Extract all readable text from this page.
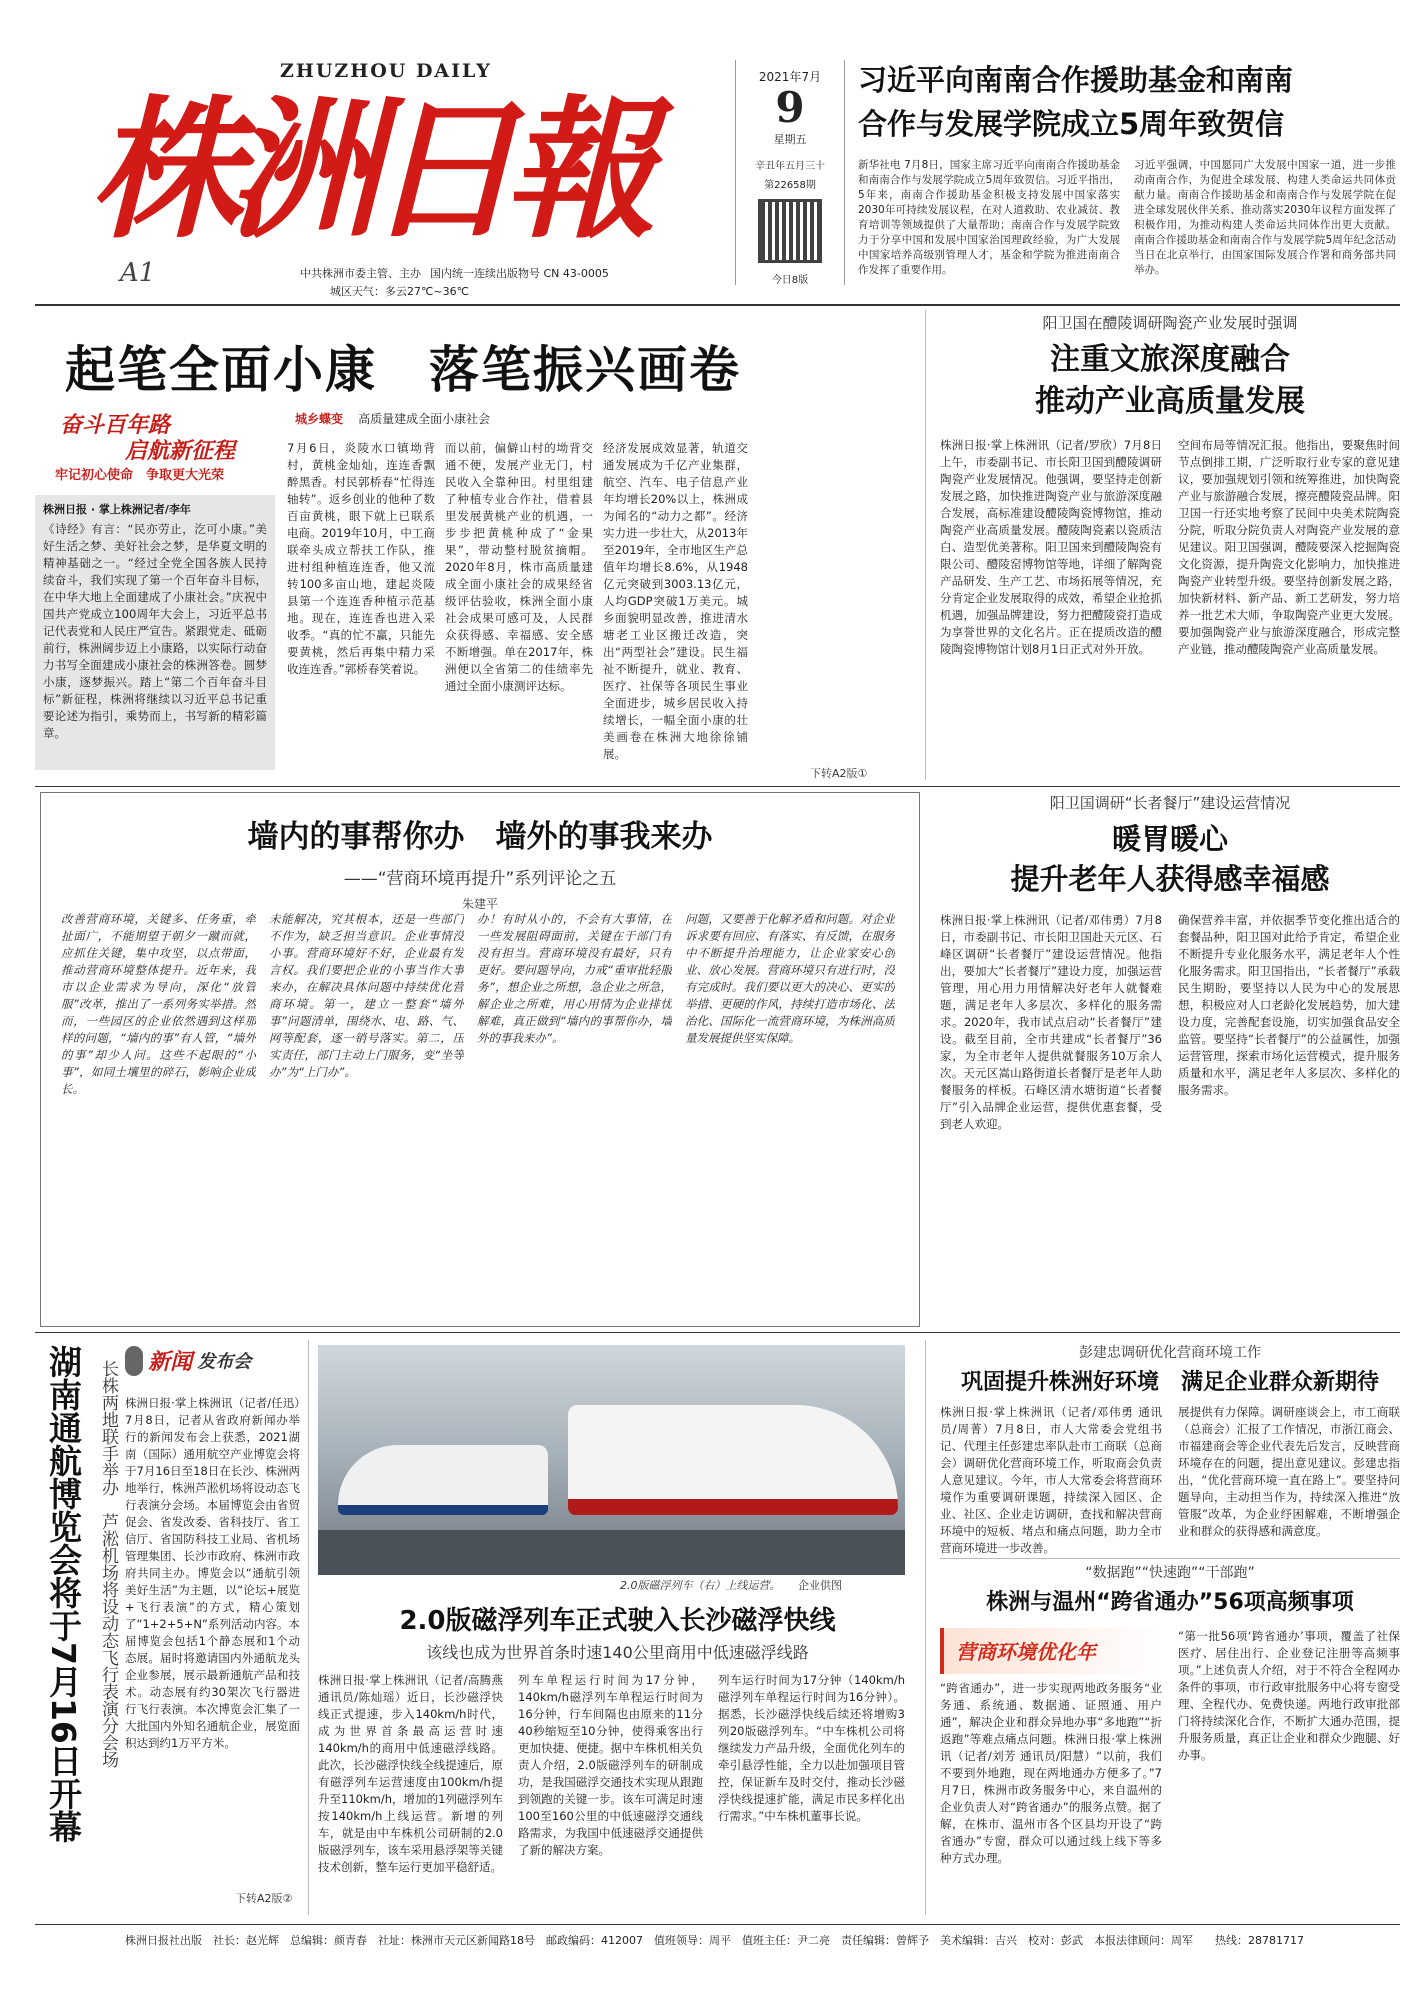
ZHUZHOU DAILY
株洲日報
A1	中共株洲市委主管、主办 国内统一连续出版物号 CN 43-0005
城区天气：多云27℃~36℃
2021年7月
9
星期五
辛丑年五月三十
第22658期
今日8版
习近平向南南合作援助基金和南南
合作与发展学院成立5周年致贺信
新华社电 7月8日，国家主席习近平向南南合作援助基金和南南合作与发展学院成立5周年致贺信。习近平指出，5年来，南南合作援助基金积极支持发展中国家落实2030年可持续发展议程，在对人道救助、农业减贫、教育培训等领域提供了大量帮助；南南合作与发展学院致力于分享中国和发展中国家治国理政经验，为广大发展中国家培养高级别管理人才，基金和学院为推进南南合作发挥了重要作用。
习近平强调，中国愿同广大发展中国家一道，进一步推动南南合作，为促进全球发展、构建人类命运共同体贡献力量。南南合作援助基金和南南合作与发展学院在促进全球发展伙伴关系、推动落实2030年议程方面发挥了积极作用，为推动构建人类命运共同体作出更大贡献。南南合作援助基金和南南合作与发展学院5周年纪念活动当日在北京举行，由国家国际发展合作署和商务部共同举办。
起笔全面小康　落笔振兴画卷
奋斗百年路
启航新征程
牢记初心使命　争取更大光荣
城乡蝶变 高质量建成全面小康社会
株洲日报 · 掌上株洲记者/李年
《诗经》有言：“民亦劳止，汔可小康。”美好生活之梦、美好社会之梦，是华夏文明的精神基础之一。“经过全党全国各族人民持续奋斗，我们实现了第一个百年奋斗目标，在中华大地上全面建成了小康社会。”庆祝中国共产党成立100周年大会上，习近平总书记代表党和人民庄严宣告。紧跟党走、砥砺前行，株洲阔步迈上小康路，以实际行动奋力书写全面建成小康社会的株洲答卷。圆梦小康，逐梦振兴。踏上“第二个百年奋斗目标”新征程，株洲将继续以习近平总书记重要论述为指引，乘势而上，书写新的精彩篇章。
7月6日，炎陵水口镇坳背村，黄桃金灿灿，连连香飘醉黑香。村民郭桥春“忙得连轴转”。返乡创业的他种了数百亩黄桃，眼下就上已联系电商。2019年10月，中工商联牵头成立帮扶工作队，推进村组种植连连香，他又流转100多亩山地，建起炎陵县第一个连连香种植示范基地。现在，连连香也进入采收季。“真的忙不赢，只能先要黄桃，然后再集中精力采收连连香。”郭桥春笑着说。
而以前，偏僻山村的坳背交通不便，发展产业无门，村民收入全靠种田。村里组建了种植专业合作社，借着县里发展黄桃产业的机遇，一步步把黄桃种成了“金果果”，带动整村脱贫摘帽。2020年8月，株市高质量建成全面小康社会的成果经省级评估验收，株洲全面小康社会成果可感可及，人民群众获得感、幸福感、安全感不断增强。单在2017年，株洲便以全省第二的佳绩率先通过全面小康测评达标。
经济发展成效显著，轨道交通发展成为千亿产业集群，航空、汽车、电子信息产业年均增长20%以上，株洲成为闻名的“动力之都”。经济实力进一步壮大，从2013年至2019年，全市地区生产总值年均增长8.6%，从1948亿元突破到3003.13亿元，人均GDP突破1万美元。城乡面貌明显改善，推进清水塘老工业区搬迁改造，突出“两型社会”建设。民生福祉不断提升，就业、教育、医疗、社保等各项民生事业全面进步，城乡居民收入持续增长，一幅全面小康的壮美画卷在株洲大地徐徐铺展。
下转A2版①
阳卫国在醴陵调研陶瓷产业发展时强调
注重文旅深度融合
推动产业高质量发展
株洲日报·掌上株洲讯（记者/罗欣）7月8日上午，市委副书记、市长阳卫国到醴陵调研陶瓷产业发展情况。他强调，要坚持走创新发展之路，加快推进陶瓷产业与旅游深度融合发展，高标准建设醴陵陶瓷博物馆，推动陶瓷产业高质量发展。醴陵陶瓷素以瓷质洁白、造型优美著称。阳卫国来到醴陵陶瓷有限公司、醴陵窑博物馆等地，详细了解陶瓷产品研发、生产工艺、市场拓展等情况，充分肯定企业发展取得的成效，希望企业抢抓机遇，加强品牌建设，努力把醴陵瓷打造成为享誉世界的文化名片。正在提质改造的醴陵陶瓷博物馆计划8月1日正式对外开放。
空间布局等情况汇报。他指出，要聚焦时间节点倒排工期，广泛听取行业专家的意见建议，要加强规划引领和统筹推进，加快陶瓷产业与旅游融合发展，擦亮醴陵瓷品牌。阳卫国一行还实地考察了民间中央美术院陶瓷分院，听取分院负责人对陶瓷产业发展的意见建议。阳卫国强调，醴陵要深入挖掘陶瓷文化资源，提升陶瓷文化影响力，加快推进陶瓷产业转型升级。要坚持创新发展之路，加快新材料、新产品、新工艺研发，努力培养一批艺术大师，争取陶瓷产业更大发展。要加强陶瓷产业与旅游深度融合，形成完整产业链，推动醴陵陶瓷产业高质量发展。
墙内的事帮你办　墙外的事我来办
——“营商环境再提升”系列评论之五
朱建平
改善营商环境，关键多、任务重，牵扯面广，不能期望于朝夕一蹴而就，应抓住关键，集中攻坚，以点带面，推动营商环境整体提升。近年来，我市以企业需求为导向，深化“放管服”改革，推出了一系列务实举措。然而，一些园区的企业依然遇到这样那样的问题，“墙内的事”有人管，“墙外的事”却少人问。这些不起眼的“小事”，如同土壤里的碎石，影响企业成长。
未能解决，究其根本，还是一些部门不作为，缺乏担当意识。企业事情没小事。营商环境好不好，企业最有发言权。我们要把企业的小事当作大事来办，在解决具体问题中持续优化营商环境。第一，建立一整套“墙外事”问题清单，围绕水、电、路、气、网等配套，逐一销号落实。第二，压实责任，部门主动上门服务，变“坐等办”为“上门办”。
办！有时从小的，不会有大事情，在一些发展阻碍面前，关键在于部门有没有担当。营商环境没有最好，只有更好。要问题导向，力戒“重审批轻服务”，想企业之所想，急企业之所急，解企业之所难，用心用情为企业排忧解难，真正做到“墙内的事帮你办，墙外的事我来办”。
问题，又要善于化解矛盾和问题。对企业诉求要有回应、有落实、有反馈，在服务中不断提升治理能力，让企业家安心创业、放心发展。营商环境只有进行时，没有完成时。我们要以更大的决心、更实的举措、更硬的作风，持续打造市场化、法治化、国际化一流营商环境，为株洲高质量发展提供坚实保障。
阳卫国调研“长者餐厅”建设运营情况
暖胃暖心
提升老年人获得感幸福感
株洲日报·掌上株洲讯（记者/邓伟勇）7月8日，市委副书记、市长阳卫国赴天元区、石峰区调研“长者餐厅”建设运营情况。他指出，要加大“长者餐厅”建设力度，加强运营管理，用心用力用情解决好老年人就餐难题，满足老年人多层次、多样化的服务需求。2020年，我市试点启动“长者餐厅”建设。截至目前，全市共建成“长者餐厅”36家，为全市老年人提供就餐服务10万余人次。天元区嵩山路街道长者餐厅是老年人助餐服务的样板。石峰区清水塘街道“长者餐厅”引入品牌企业运营，提供优惠套餐，受到老人欢迎。
确保营养丰富，并依据季节变化推出适合的套餐品种，阳卫国对此给予肯定，希望企业不断提升专业化服务水平，满足老年人个性化服务需求。阳卫国指出，“长者餐厅”承载民生期盼，要坚持以人民为中心的发展思想，积极应对人口老龄化发展趋势，加大建设力度，完善配套设施，切实加强食品安全监管。要坚持“长者餐厅”的公益属性，加强运营管理，探索市场化运营模式，提升服务质量和水平，满足老年人多层次、多样化的服务需求。
湖南通航博览会将于7月16日开幕 长株两地联手举办　芦淞机场将设动态飞行表演分会场	新闻 发布会
株洲日报·掌上株洲讯（记者/任迅）7月8日，记者从省政府新闻办举行的新闻发布会上获悉，2021湖南（国际）通用航空产业博览会将于7月16日至18日在长沙、株洲两地举行，株洲芦淞机场将设动态飞行表演分会场。本届博览会由省贸促会、省发改委、省科技厅、省工信厅、省国防科技工业局、省机场管理集团、长沙市政府、株洲市政府共同主办。博览会以“通航引领美好生活”为主题，以“论坛+展览+飞行表演”的方式，精心策划了“1+2+5+N”系列活动内容。本届博览会包括1个静态展和1个动态展。届时将邀请国内外通航龙头企业参展，展示最新通航产品和技术。动态展有约30架次飞行器进行飞行表演。本次博览会汇集了一大批国内外知名通航企业，展览面积达到约1万平方米。
下转A2版②
2.0版磁浮列车（右）上线运营。 企业供图
2.0版磁浮列车正式驶入长沙磁浮快线
该线也成为世界首条时速140公里商用中低速磁浮线路
株洲日报·掌上株洲讯（记者/高腾燕 通讯员/陈灿瑶）近日，长沙磁浮快线正式提速，步入140km/h时代，成为世界首条最高运营时速140km/h的商用中低速磁浮线路。此次，长沙磁浮快线全线提速后，原有磁浮列车运营速度由100km/h提升至110km/h，增加的1列磁浮列车按140km/h上线运营。新增的列车，就是由中车株机公司研制的2.0版磁浮列车，该车采用悬浮架等关键技术创新，整车运行更加平稳舒适。
列车单程运行时间为17分钟，140km/h磁浮列车单程运行时间为16分钟，行车间隔也由原来的11分40秒缩短至10分钟，使得乘客出行更加快捷、便捷。据中车株机相关负责人介绍，2.0版磁浮列车的研制成功，是我国磁浮交通技术实现从跟跑到领跑的关键一步。该车可满足时速100至160公里的中低速磁浮交通线路需求，为我国中低速磁浮交通提供了新的解决方案。
列车运行时间为17分钟（140km/h磁浮列车单程运行时间为16分钟）。据悉，长沙磁浮快线后续还将增购3列20版磁浮列车。“中车株机公司将继续发力产品升级，全面优化列车的牵引悬浮性能，全力以赴加强项目管控，保证新车及时交付，推动长沙磁浮快线提速扩能，满足市民多样化出行需求。”中车株机董事长说。
彭建忠调研优化营商环境工作
巩固提升株洲好环境　满足企业群众新期待
株洲日报·掌上株洲讯（记者/邓伟勇 通讯员/周菁）7月8日，市人大常委会党组书记、代理主任彭建忠率队赴市工商联（总商会）调研优化营商环境工作，听取商会负责人意见建议。今年，市人大常委会将营商环境作为重要调研课题，持续深入园区、企业、社区、企业走访调研，查找和解决营商环境中的短板、堵点和痛点问题，助力全市营商环境进一步改善。
展提供有力保障。调研座谈会上，市工商联（总商会）汇报了工作情况，市浙江商会、市福建商会等企业代表先后发言，反映营商环境存在的问题，提出意见建议。彭建忠指出，“优化营商环境一直在路上”。要坚持问题导向，主动担当作为，持续深入推进“放管服”改革，为企业纾困解难，不断增强企业和群众的获得感和满意度。
“数据跑”“快速跑”“干部跑”
株洲与温州“跨省通办”56项高频事项
营商环境优化年
“跨省通办”，进一步实现两地政务服务“业务通、系统通、数据通、证照通、用户通”，解决企业和群众异地办事“多地跑”“折返跑”等难点痛点问题。株洲日报·掌上株洲讯（记者/刘芳 通讯员/阳慧）“以前，我们不要到外地跑，现在两地通办方便多了。”7月7日，株洲市政务服务中心，来自温州的企业负责人对“跨省通办”的服务点赞。据了解，在株市、温州市各个区县均开设了“跨省通办”专窗，群众可以通过线上线下等多种方式办理。
“第一批56项‘跨省通办’事项，覆盖了社保医疗、居住出行、企业登记注册等高频事项。”上述负责人介绍，对于不符合全程网办条件的事项，市行政审批服务中心将专窗受理、全程代办、免费快递。两地行政审批部门将持续深化合作，不断扩大通办范围，提升服务质量，真正让企业和群众少跑腿、好办事。
株洲日报社出版　社长：赵光辉　总编辑：颜青春　社址：株洲市天元区新闻路18号　邮政编码：412007　值班领导：周平　值班主任：尹二亮　责任编辑：曾辉予　美术编辑：吉兴　校对：彭武　本报法律顾问：周军　　热线：28781717
